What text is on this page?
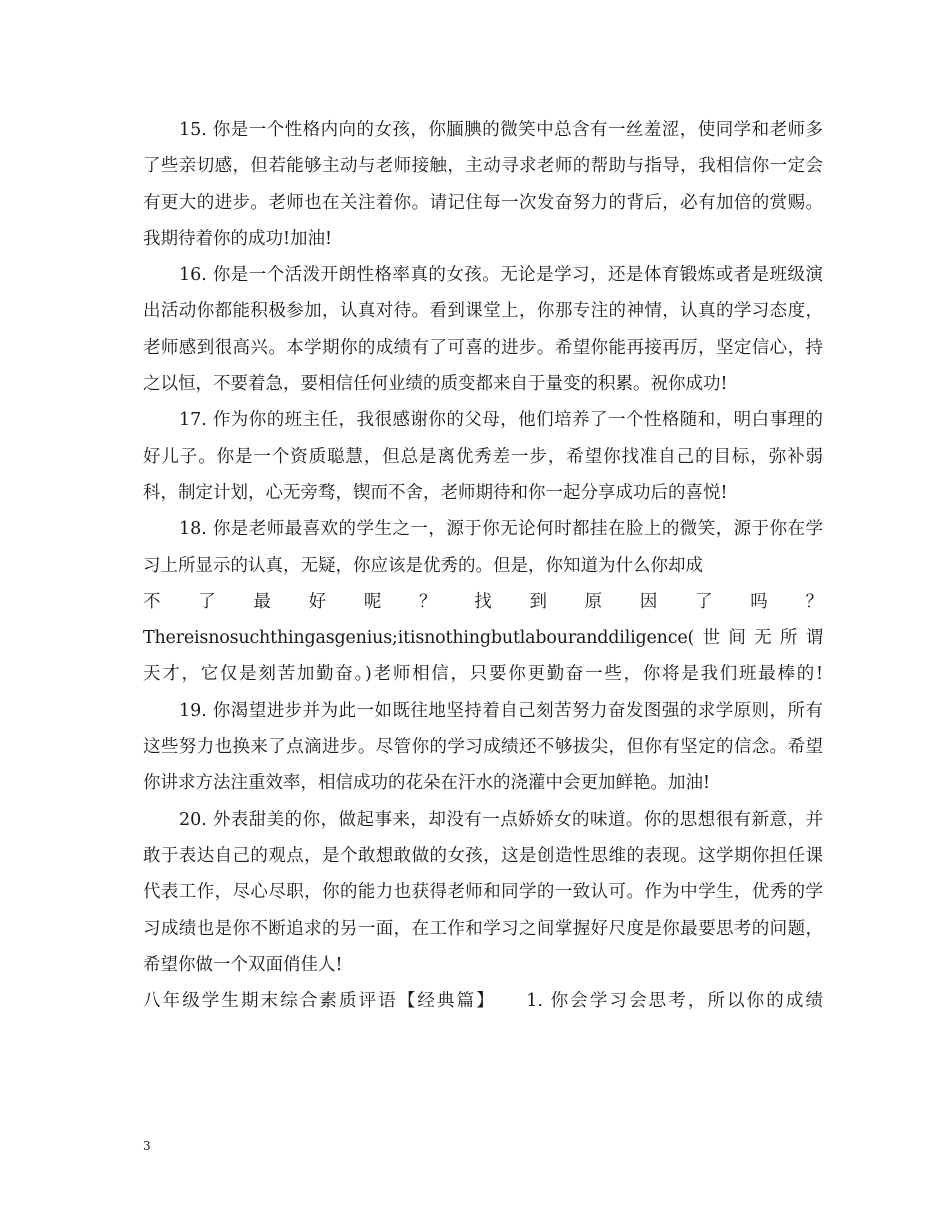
15. 你是一个性格内向的女孩，你腼腆的微笑中总含有一丝羞涩，使同学和老师多了些亲切感，但若能够主动与老师接触，主动寻求老师的帮助与指导，我相信你一定会有更大的进步。老师也在关注着你。请记住每一次发奋努力的背后，必有加倍的赏赐。我期待着你的成功!加油!

16. 你是一个活泼开朗性格率真的女孩。无论是学习，还是体育锻炼或者是班级演出活动你都能积极参加，认真对待。看到课堂上，你那专注的神情，认真的学习态度，老师感到很高兴。本学期你的成绩有了可喜的进步。希望你能再接再厉，坚定信心，持之以恒，不要着急，要相信任何业绩的质变都来自于量变的积累。祝你成功!

17. 作为你的班主任，我很感谢你的父母，他们培养了一个性格随和，明白事理的好儿子。你是一个资质聪慧，但总是离优秀差一步，希望你找准自己的目标，弥补弱科，制定计划，心无旁骛，锲而不舍，老师期待和你一起分享成功后的喜悦!

18. 你是老师最喜欢的学生之一，源于你无论何时都挂在脸上的微笑，源于你在学习上所显示的认真，无疑，你应该是优秀的。但是，你知道为什么你却成

不 了 最 好 呢 ？ 找 到 原 因 了 吗 ？

Thereisnosuchthingasgenius;itisnothingbutlabouranddiligence(世间无所谓

天才，它仅是刻苦加勤奋。)老师相信，只要你更勤奋一些，你将是我们班最棒的!

19. 你渴望进步并为此一如既往地坚持着自己刻苦努力奋发图强的求学原则，所有这些努力也换来了点滴进步。尽管你的学习成绩还不够拔尖，但你有坚定的信念。希望你讲求方法注重效率，相信成功的花朵在汗水的浇灌中会更加鲜艳。加油!

20. 外表甜美的你，做起事来，却没有一点娇娇女的味道。你的思想很有新意，并敢于表达自己的观点，是个敢想敢做的女孩，这是创造性思维的表现。这学期你担任课代表工作，尽心尽职，你的能力也获得老师和同学的一致认可。作为中学生，优秀的学习成绩也是你不断追求的另一面，在工作和学习之间掌握好尺度是你最要思考的问题，希望你做一个双面俏佳人!

八年级学生期末综合素质评语【经典篇】　　1. 你会学习会思考，所以你的成绩

3
